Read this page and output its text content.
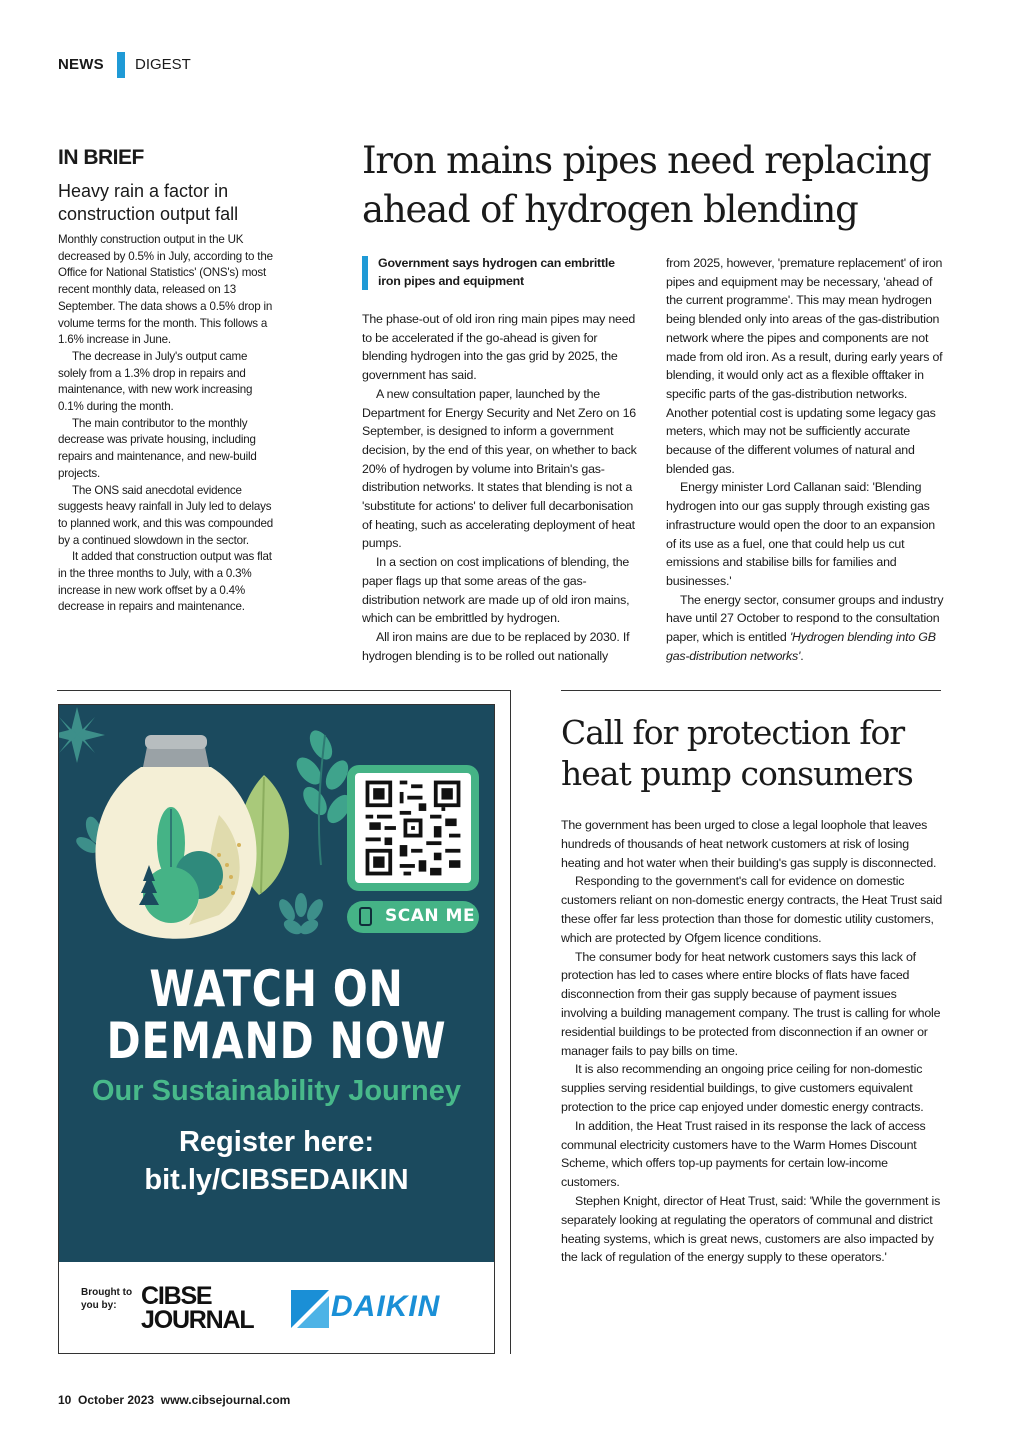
NEWS DIGEST
IN BRIEF
Heavy rain a factor in construction output fall

Monthly construction output in the UK decreased by 0.5% in July, according to the Office for National Statistics' (ONS's) most recent monthly data, released on 13 September. The data shows a 0.5% drop in volume terms for the month. This follows a 1.6% increase in June.

The decrease in July's output came solely from a 1.3% drop in repairs and maintenance, with new work increasing 0.1% during the month.

The main contributor to the monthly decrease was private housing, including repairs and maintenance, and new-build projects.

The ONS said anecdotal evidence suggests heavy rainfall in July led to delays to planned work, and this was compounded by a continued slowdown in the sector.

It added that construction output was flat in the three months to July, with a 0.3% increase in new work offset by a 0.4% decrease in repairs and maintenance.

Iron mains pipes need replacing ahead of hydrogen blending
Government says hydrogen can embrittle iron pipes and equipment

The phase-out of old iron ring main pipes may need to be accelerated if the go-ahead is given for blending hydrogen into the gas grid by 2025, the government has said.

A new consultation paper, launched by the Department for Energy Security and Net Zero on 16 September, is designed to inform a government decision, by the end of this year, on whether to back 20% of hydrogen by volume into Britain's gas-distribution networks. It states that blending is not a 'substitute for actions' to deliver full decarbonisation of heating, such as accelerating deployment of heat pumps.

In a section on cost implications of blending, the paper flags up that some areas of the gas-distribution network are made up of old iron mains, which can be embrittled by hydrogen.

All iron mains are due to be replaced by 2030. If hydrogen blending is to be rolled out nationally

from 2025, however, 'premature replacement' of iron pipes and equipment may be necessary, 'ahead of the current programme'. This may mean hydrogen being blended only into areas of the gas-distribution network where the pipes and components are not made from old iron. As a result, during early years of blending, it would only act as a flexible offtaker in specific parts of the gas-distribution networks. Another potential cost is updating some legacy gas meters, which may not be sufficiently accurate because of the different volumes of natural and blended gas.

Energy minister Lord Callanan said: 'Blending hydrogen into our gas supply through existing gas infrastructure would open the door to an expansion of its use as a fuel, one that could help us cut emissions and stabilise bills for families and businesses.'

The energy sector, consumer groups and industry have until 27 October to respond to the consultation paper, which is entitled 'Hydrogen blending into GB gas-distribution networks'.

SCAN ME
WATCH ON
DEMAND NOW
Our Sustainability Journey
Register here:
bit.ly/CIBSEDAIKIN
Brought to you by: CIBSE
JOURNAL	DAIKIN
Call for protection for heat pump consumers

The government has been urged to close a legal loophole that leaves hundreds of thousands of heat network customers at risk of losing heating and hot water when their building's gas supply is disconnected.

Responding to the government's call for evidence on domestic customers reliant on non-domestic energy contracts, the Heat Trust said these offer far less protection than those for domestic utility customers, which are protected by Ofgem licence conditions.

The consumer body for heat network customers says this lack of protection has led to cases where entire blocks of flats have faced disconnection from their gas supply because of payment issues involving a building management company. The trust is calling for whole residential buildings to be protected from disconnection if an owner or manager fails to pay bills on time.

It is also recommending an ongoing price ceiling for non-domestic supplies serving residential buildings, to give customers equivalent protection to the price cap enjoyed under domestic energy contracts.

In addition, the Heat Trust raised in its response the lack of access communal electricity customers have to the Warm Homes Discount Scheme, which offers top-up payments for certain low-income customers.

Stephen Knight, director of Heat Trust, said: 'While the government is separately looking at regulating the operators of communal and district heating systems, which is great news, customers are also impacted by the lack of regulation of the energy supply to these operators.'

10 October 2023 www.cibsejournal.com
